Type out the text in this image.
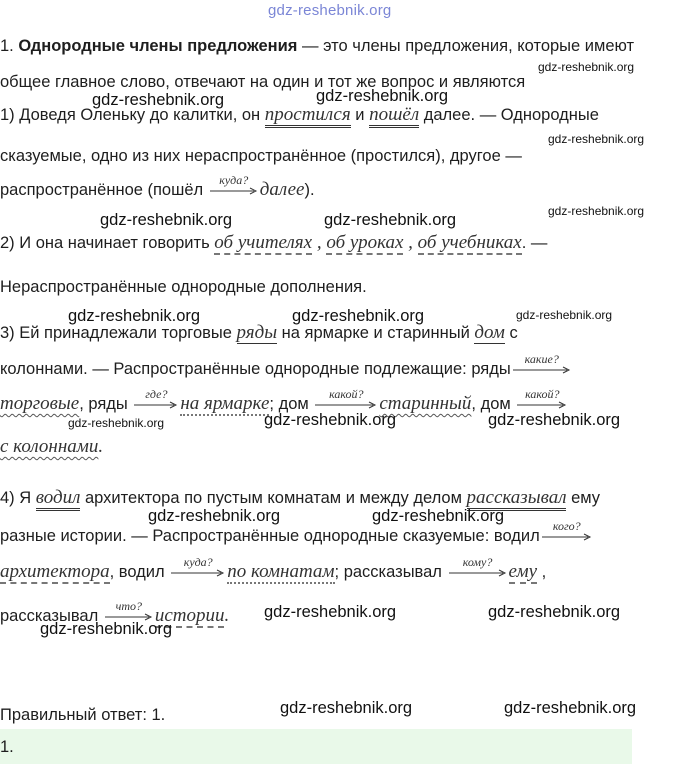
gdz-reshebnik.org
1. Однородные члены предложения — это члены предложения, которые имеют
общее главное слово, отвечают на один и тот же вопрос и являются
1) Доведя Оленьку до калитки, он простился и пошёл далее. — Однородные
сказуемые, одно из них нераспространённое (простился), другое —
распространённое (пошёл
куда? далее).
2) И она начинает говорить об учителях , об уроках , об учебниках. —
Нераспространённые однородные дополнения.
3) Ей принадлежали торговые ряды на ярмарке и старинный дом с
колоннами. — Распространённые однородные подлежащие: ряды
какие?
торговые, ряды
где? на ярмарке; дом
какой? старинный, дом
какой?
с колоннами.
4) Я водил архитектора по пустым комнатам и между делом рассказывал ему
разные истории. — Распространённые однородные сказуемые: водил
кого?
архитектора, водил
куда? по комнатам; рассказывал
кому? ему ,
рассказывал
что? истории.
Правильный ответ: 1.
1.
gdz-reshebnik.org
gdz-reshebnik.org	gdz-reshebnik.org
gdz-reshebnik.org
gdz-reshebnik.org	gdz-reshebnik.org	gdz-reshebnik.org
gdz-reshebnik.org	gdz-reshebnik.org	gdz-reshebnik.org
gdz-reshebnik.org	gdz-reshebnik.org	gdz-reshebnik.org
gdz-reshebnik.org	gdz-reshebnik.org
gdz-reshebnik.org	gdz-reshebnik.org
gdz-reshebnik.org
gdz-reshebnik.org	gdz-reshebnik.org
